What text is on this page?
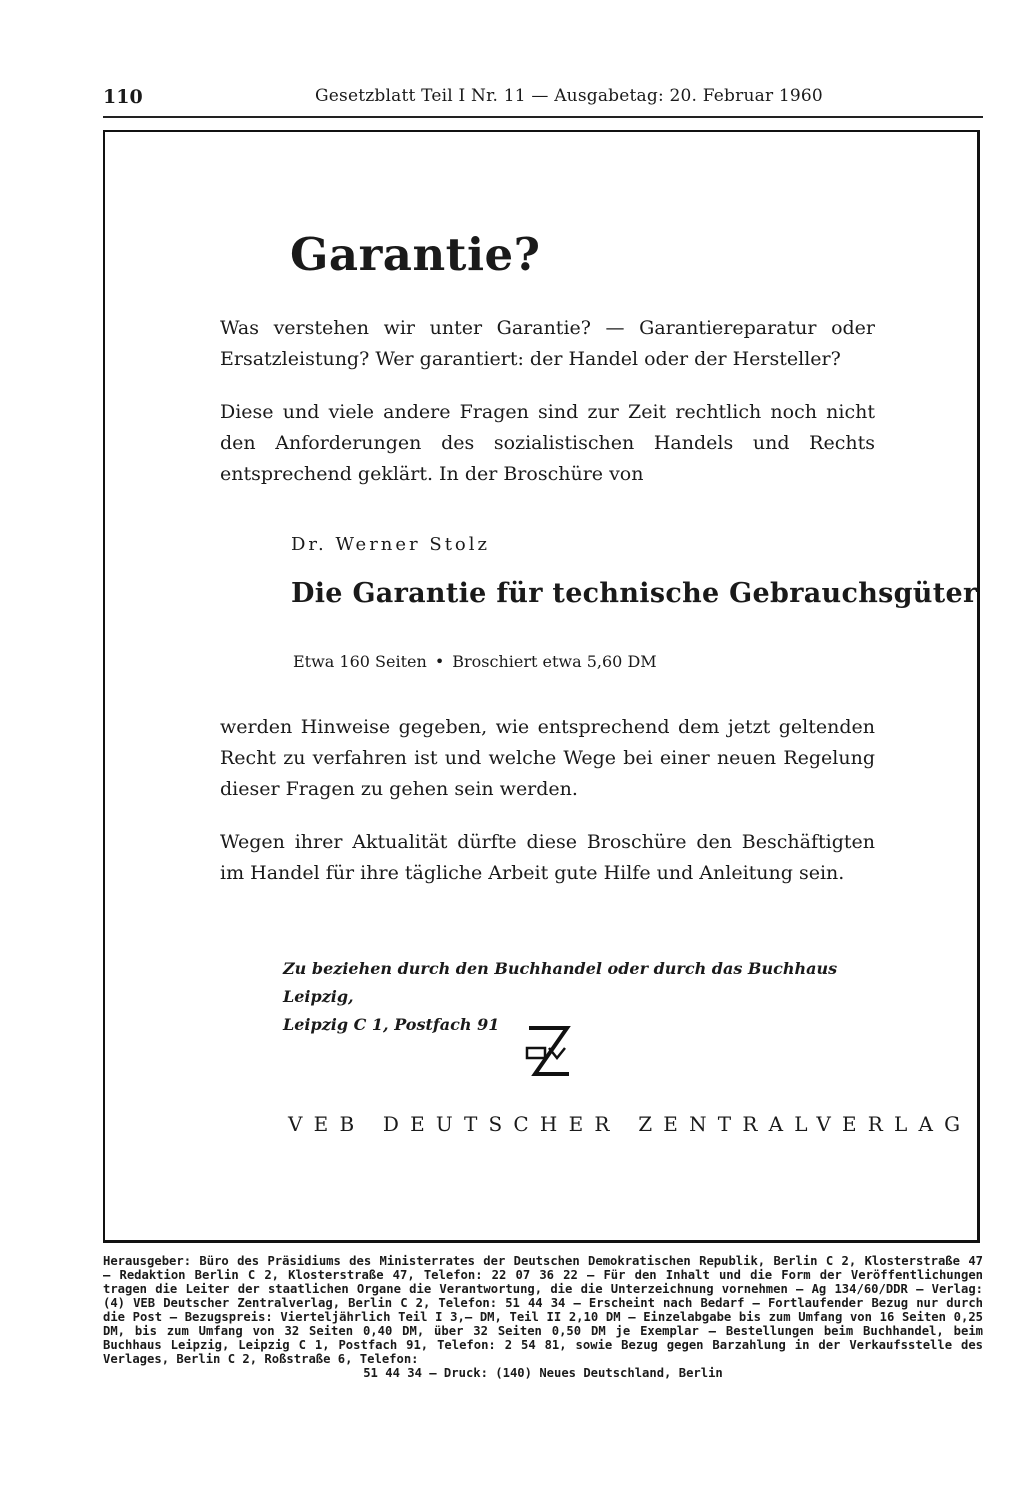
110	Gesetzblatt Teil I Nr. 11 — Ausgabetag: 20. Februar 1960
Garantie?
Was verstehen wir unter Garantie? — Garantiereparatur oder Ersatzleistung? Wer garantiert: der Handel oder der Hersteller?
Diese und viele andere Fragen sind zur Zeit rechtlich noch nicht den Anforderungen des sozialistischen Handels und Rechts entsprechend geklärt. In der Broschüre von
Dr. Werner Stolz
Die Garantie für technische Gebrauchsgüter
Etwa 160 Seiten • Broschiert etwa 5,60 DM
werden Hinweise gegeben, wie entsprechend dem jetzt geltenden Recht zu verfahren ist und welche Wege bei einer neuen Regelung dieser Fragen zu gehen sein werden.
Wegen ihrer Aktualität dürfte diese Broschüre den Beschäftigten im Handel für ihre tägliche Arbeit gute Hilfe und Anleitung sein.
Zu beziehen durch den Buchhandel oder durch das Buchhaus Leipzig,
Leipzig C 1, Postfach 91
VEB DEUTSCHER ZENTRALVERLAG
Herausgeber: Büro des Präsidiums des Ministerrates der Deutschen Demokratischen Republik, Berlin C 2, Klosterstraße 47 — Redaktion Berlin C 2, Klosterstraße 47, Telefon: 22 07 36 22 — Für den Inhalt und die Form der Veröffentlichungen tragen die Leiter der staatlichen Organe die Verantwortung, die die Unterzeichnung vornehmen — Ag 134/60/DDR — Verlag: (4) VEB Deutscher Zentralverlag, Berlin C 2, Telefon: 51 44 34 — Erscheint nach Bedarf — Fortlaufender Bezug nur durch die Post — Bezugspreis: Vierteljährlich Teil I 3,— DM, Teil II 2,10 DM — Einzelabgabe bis zum Umfang von 16 Seiten 0,25 DM, bis zum Umfang von 32 Seiten 0,40 DM, über 32 Seiten 0,50 DM je Exemplar — Bestellungen beim Buchhandel, beim Buchhaus Leipzig, Leipzig C 1, Postfach 91, Telefon: 2 54 81, sowie Bezug gegen Barzahlung in der Verkaufsstelle des Verlages, Berlin C 2, Roßstraße 6, Telefon:
51 44 34 — Druck: (140) Neues Deutschland, Berlin
